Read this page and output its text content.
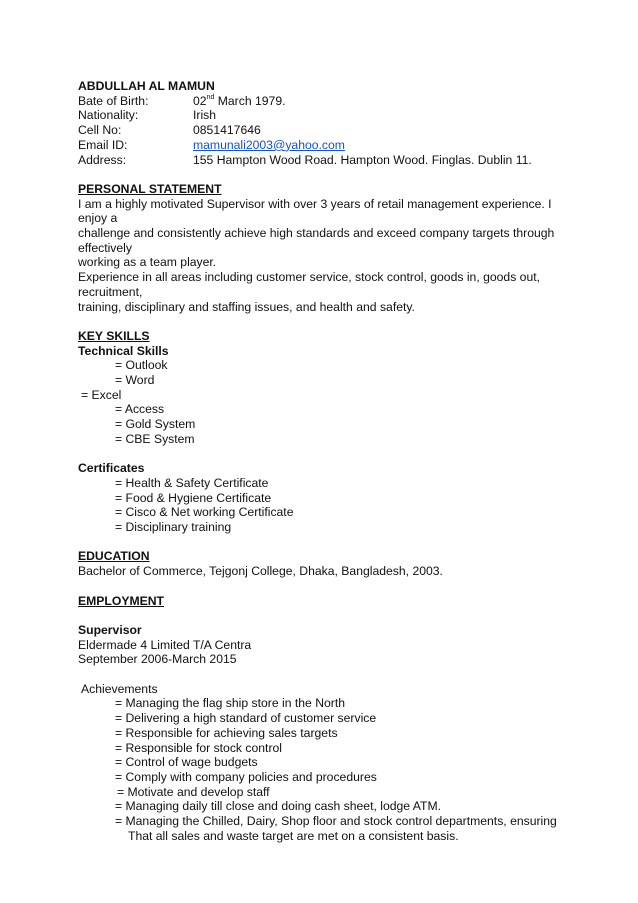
ABDULLAH AL MAMUN
Bate of Birth:	02nd March 1979.
Nationality:	Irish
Cell No:	0851417646
Email ID:	mamunali2003@yahoo.com
Address:	155 Hampton Wood Road. Hampton Wood. Finglas. Dublin 11.
PERSONAL STATEMENT
I am a highly motivated Supervisor with over 3 years of retail management experience. I enjoy a
challenge and consistently achieve high standards and exceed company targets through effectively
working as a team player.
Experience in all areas including customer service, stock control, goods in, goods out, recruitment,
training, disciplinary and staffing issues, and health and safety.
KEY SKILLS
Technical Skills
= Outlook
= Word
= Excel
= Access
= Gold System
= CBE System
Certificates
= Health & Safety Certificate
= Food & Hygiene Certificate
= Cisco & Net working Certificate
= Disciplinary training
EDUCATION
Bachelor of Commerce, Tejgonj College, Dhaka, Bangladesh, 2003.
EMPLOYMENT
Supervisor
Eldermade 4 Limited T/A Centra
September 2006-March 2015
Achievements
= Managing the flag ship store in the North
= Delivering a high standard of customer service
= Responsible for achieving sales targets
= Responsible for stock control
= Control of wage budgets
= Comply with company policies and procedures
= Motivate and develop staff
= Managing daily till close and doing cash sheet, lodge ATM.
= Managing the Chilled, Dairy, Shop floor and stock control departments, ensuring
That all sales and waste target are met on a consistent basis.
